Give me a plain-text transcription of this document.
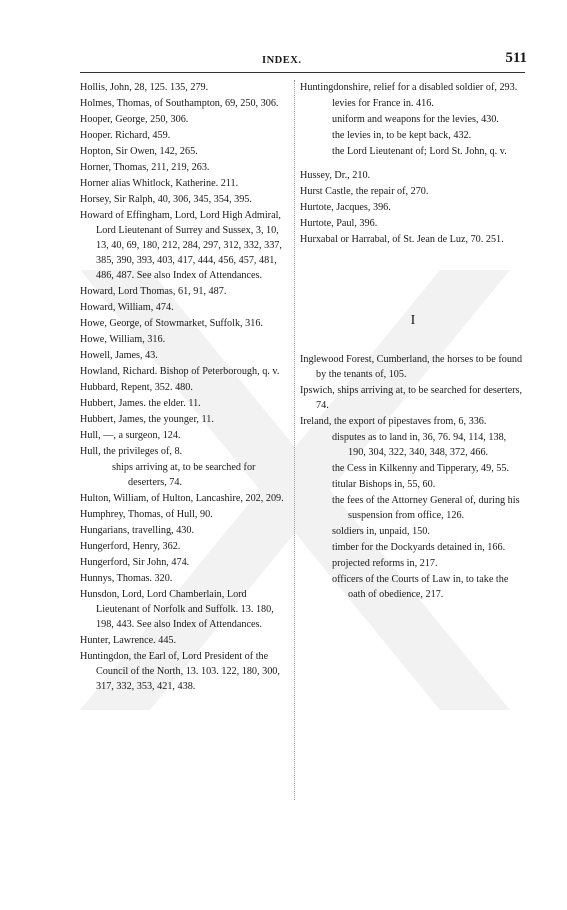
INDEX.	511
Hollis, John, 28, 125. 135, 279.
Holmes, Thomas, of Southampton, 69, 250, 306.
Hooper, George, 250, 306.
Hooper. Richard, 459.
Hopton, Sir Owen, 142, 265.
Horner, Thomas, 211, 219, 263.
Horner alias Whitlock, Katherine. 211.
Horsey, Sir Ralph, 40, 306, 345, 354, 395.
Howard of Effingham, Lord, Lord High Admiral, Lord Lieutenant of Surrey and Sussex, 3, 10, 13, 40, 69, 180, 212, 284, 297, 312, 332, 337, 385, 390, 393, 403, 417, 444, 456, 457, 481, 486, 487. See also Index of Attendances.
Howard, Lord Thomas, 61, 91, 487.
Howard, William, 474.
Howe, George, of Stowmarket, Suffolk, 316.
Howe, William, 316.
Howell, James, 43.
Howland, Richard. Bishop of Peterborough, q. v.
Hubbard, Repent, 352. 480.
Hubbert, James. the elder. 11.
Hubbert, James, the younger, 11.
Hull, —, a surgeon, 124.
Hull, the privileges of, 8.
ships arriving at, to be searched for deserters, 74.
Hulton, William, of Hulton, Lancashire, 202, 209.
Humphrey, Thomas, of Hull, 90.
Hungarians, travelling, 430.
Hungerford, Henry, 362.
Hungerford, Sir John, 474.
Hunnys, Thomas. 320.
Hunsdon, Lord, Lord Chamberlain, Lord Lieutenant of Norfolk and Suffolk. 13. 180, 198, 443. See also Index of Attendances.
Hunter, Lawrence. 445.
Huntingdon, the Earl of, Lord President of the Council of the North, 13. 103. 122, 180, 300, 317, 332, 353, 421, 438.
Huntingdonshire, relief for a disabled soldier of, 293.
levies for France in. 416.
uniform and weapons for the levies, 430.
the levies in, to be kept back, 432.
the Lord Lieutenant of; Lord St. John, q. v.
Hussey, Dr., 210.
Hurst Castle, the repair of, 270.
Hurtote, Jacques, 396.
Hurtote, Paul, 396.
Hurxabal or Harrabal, of St. Jean de Luz, 70. 251.
I
Inglewood Forest, Cumberland, the horses to be found by the tenants of, 105.
Ipswich, ships arriving at, to be searched for deserters, 74.
Ireland, the export of pipestaves from, 6, 336.
disputes as to land in, 36, 76. 94, 114, 138, 190, 304, 322, 340, 348, 372, 466.
the Cess in Kilkenny and Tipperary, 49, 55.
titular Bishops in, 55, 60.
the fees of the Attorney General of, during his suspension from office, 126.
soldiers in, unpaid, 150.
timber for the Dockyards detained in, 166.
projected reforms in, 217.
officers of the Courts of Law in, to take the oath of obedience, 217.
